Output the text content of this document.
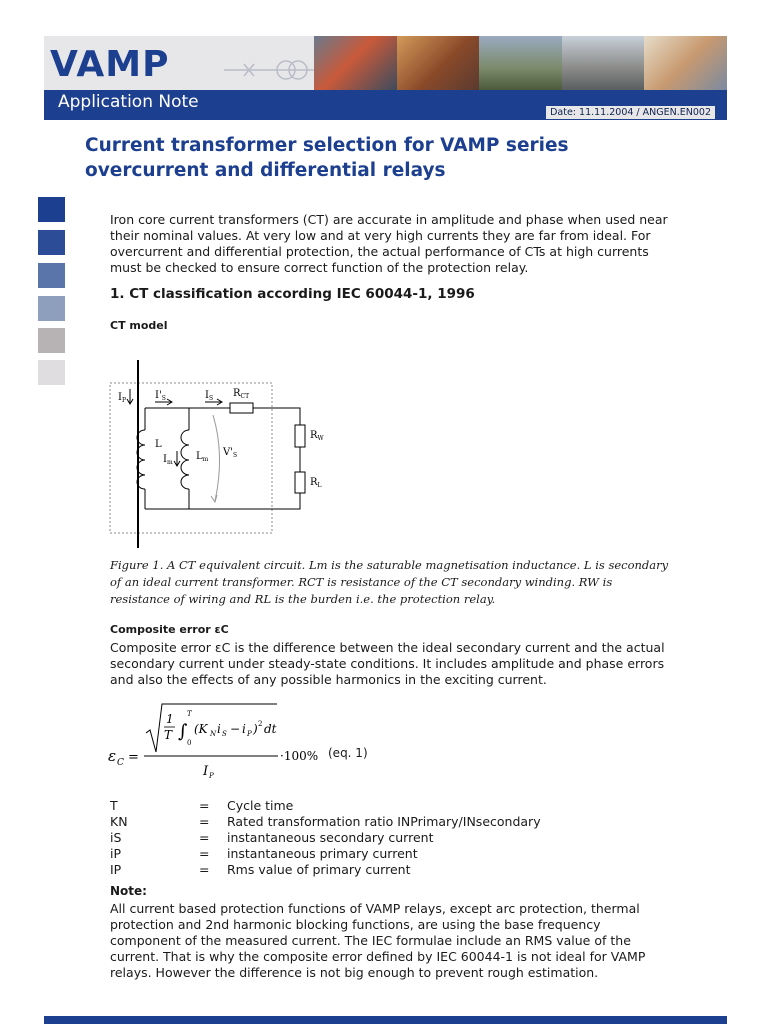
VAMP
Application Note
Date: 11.11.2004 / ANGEN.EN002
Current transformer selection for VAMP series overcurrent and differential relays
Iron core current transformers (CT) are accurate in amplitude and phase when used near their nominal values. At very low and at very high currents they are far from ideal. For overcurrent and differential protection, the actual performance of CTs at high currents must be checked to ensure correct function of the protection relay.
1. CT classification according IEC 60044-1, 1996
CT model
$I_P$	$I'_S$	$I_S$ $R_{CT}$
L
$I_m$
$L_m$
$V'_S$
$R_W$
$R_L$
Figure 1. A CT equivalent circuit. Lm is the saturable magnetisation inductance. L is secondary of an ideal current transformer. RCT is resistance of the CT secondary winding. RW is resistance of wiring and RL is the burden i.e. the protection relay.
Composite error εC
Composite error εC is the difference between the ideal secondary current and the actual secondary current under steady-state conditions. It includes amplitude and phase errors and also the effects of any possible harmonics in the exciting current.
ε C =
1
T ∫
T
0
(K N i S − i P ) 2 dt
I P
·100% (eq. 1)
T	= Cycle time
KN	= Rated transformation ratio INPrimary/INsecondary
iS	= instantaneous secondary current
iP	= instantaneous primary current
IP	= Rms value of primary current
Note:
All current based protection functions of VAMP relays, except arc protection, thermal protection and 2nd harmonic blocking functions, are using the base frequency component of the measured current. The IEC formulae include an RMS value of the current. That is why the composite error defined by IEC 60044-1 is not ideal for VAMP relays. However the difference is not big enough to prevent rough estimation.
